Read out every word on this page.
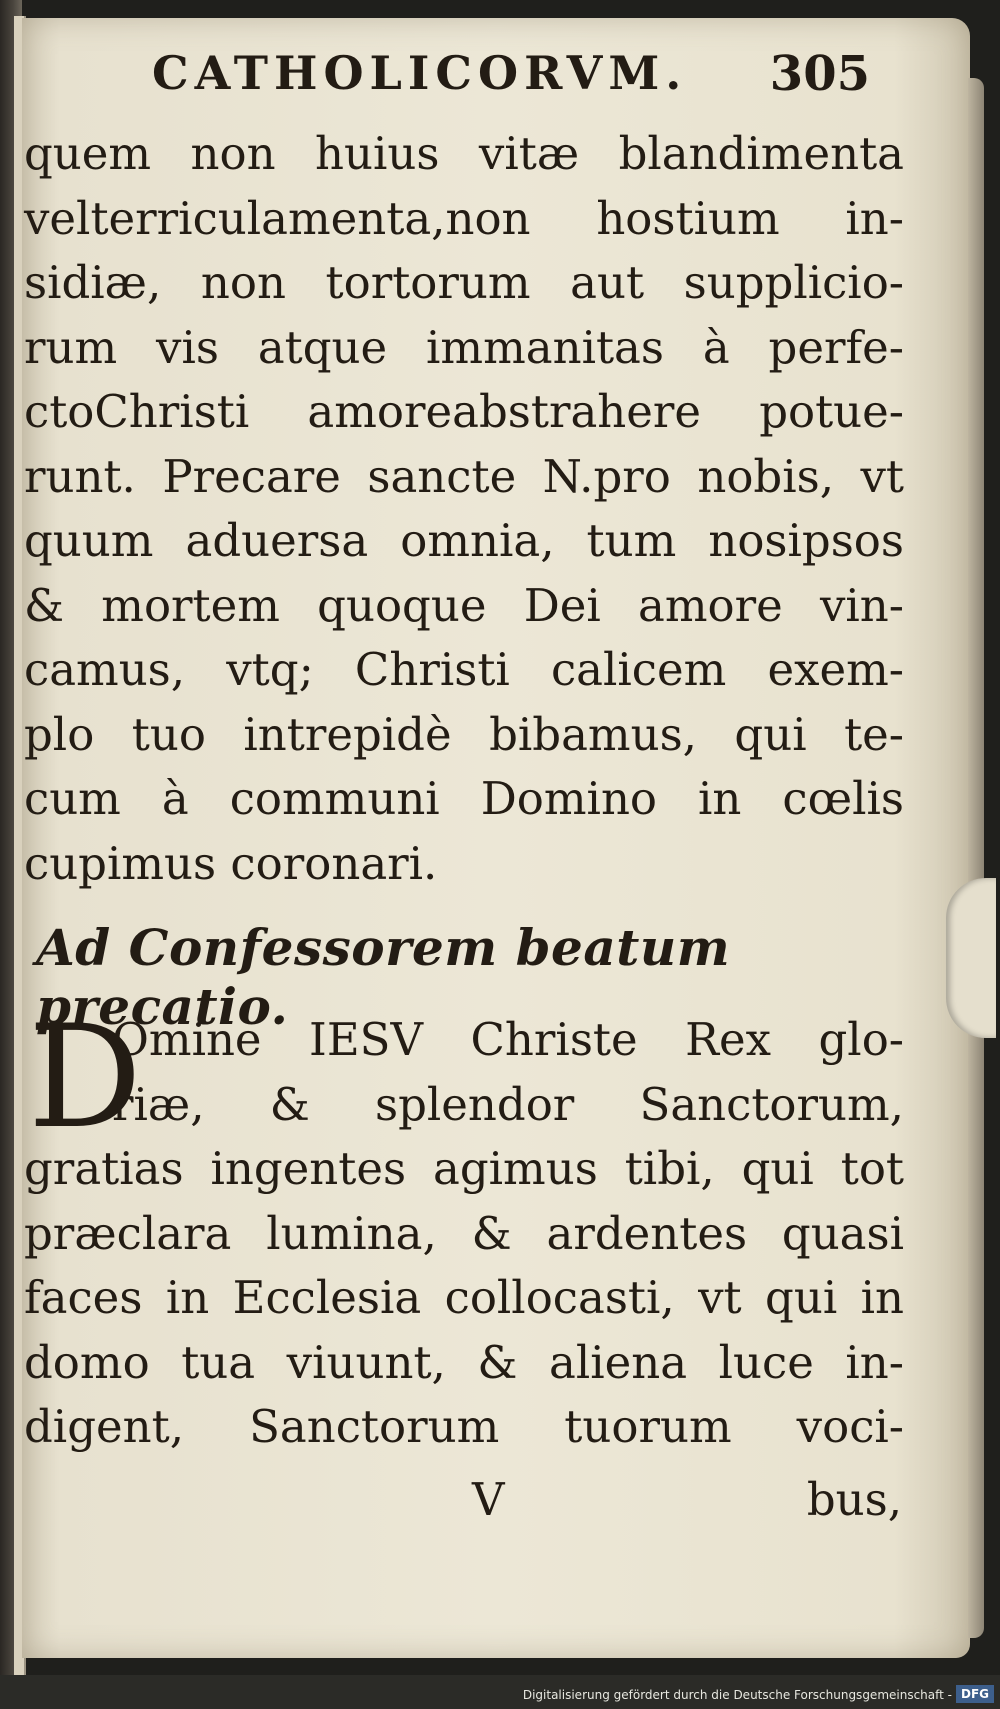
CATHOLICORVM.	305
quem non huius vitæ blandimenta
velterriculamenta,non hostium in-
sidiæ, non tortorum aut supplicio-
rum vis atque immanitas à perfe-
ctoChristi amoreabstrahere potue-
runt. Precare sancte N.pro nobis, vt
quum aduersa omnia, tum nosipsos
& mortem quoque Dei amore vin-
camus, vtq; Christi calicem exem-
plo tuo intrepidè bibamus, qui te-
cum à communi Domino in cœlis
cupimus coronari.
Ad Confessorem beatum precatio.
D
Omine IESV Christe Rex glo-
riæ, & splendor Sanctorum,
gratias ingentes agimus tibi, qui tot
præclara lumina, & ardentes quasi
faces in Ecclesia collocasti, vt qui in
domo tua viuunt, & aliena luce in-
digent, Sanctorum tuorum voci-
V	bus,
Digitalisierung gefördert durch die Deutsche Forschungsgemeinschaft - DFG
